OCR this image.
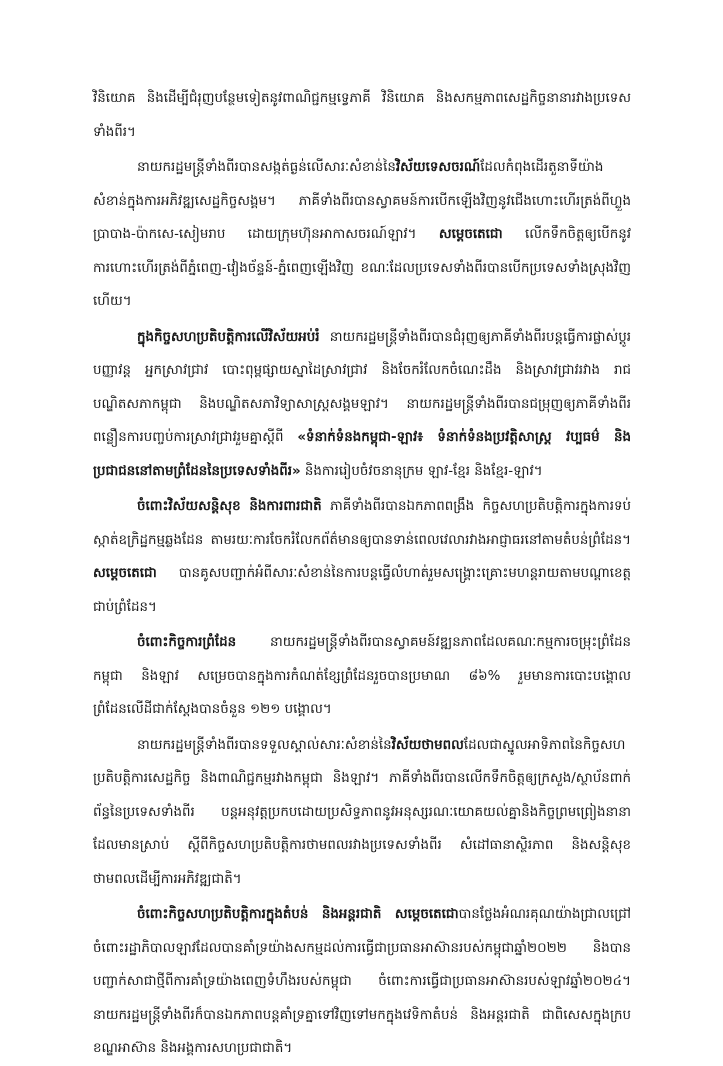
វិនិយោគ និងដើម្បីជំរុញបន្ថែមទៀតនូវពាណិជ្ជកម្មទ្វេភាគី វិនិយោគ និងសកម្មភាពសេដ្ឋកិច្ចនានារវាងប្រទេសទាំងពីរ។

នាយករដ្ឋមន្ត្រីទាំងពីរបានសង្កត់ធ្ងន់លើសារៈសំខាន់នៃវិស័យទេសចរណ៍ដែលកំពុងដើរតួនាទីយ៉ាងសំខាន់ក្នុងការអភិវឌ្ឍសេដ្ឋកិច្ចសង្គម។ ភាគីទាំងពីរបានស្វាគមន៍ការបើកឡើងវិញនូវជើងហោះហើរត្រង់ពីហ្លួងប្រាបាង-ប៉ាកសេ-សៀមរាប ដោយក្រុមហ៊ុនអាកាសចរណ៍ឡាវ។ សម្តេចតេជោ លើកទឹកចិត្តឲ្យបើកនូវការហោះហើរត្រង់ពីភ្នំពេញ-វៀងច័ន្ទន៍-ភ្នំពេញឡើងវិញ ខណៈដែលប្រទេសទាំងពីរបានបើកប្រទេសទាំងស្រុងវិញហើយ។

ក្នុងកិច្ចសហប្រតិបត្តិការលើវិស័យអប់រំ នាយករដ្ឋមន្ត្រីទាំងពីរបានជំរុញឲ្យភាគីទាំងពីរបន្តធ្វើការផ្លាស់ប្តូរបញ្ញាវន្ត អ្នកស្រាវជ្រាវ បោះពុម្ពផ្សាយស្នាដៃស្រាវជ្រាវ និងចែករំលែកចំណេះដឹង និងស្រាវជ្រាវរវាង រាជបណ្ឌិតសភាកម្ពុជា និងបណ្ឌិតសភាវិទ្យាសាស្ត្រសង្គមឡាវ។ នាយករដ្ឋមន្ត្រីទាំងពីរបានជម្រុញឲ្យភាគីទាំងពីរពន្លឿនការបញ្ចប់ការស្រាវជ្រាវរួមគ្នាស្តីពី «ទំនាក់ទំនងកម្ពុជា-ឡាវ៖ ទំនាក់ទំនងប្រវត្តិសាស្ត្រ វប្បធម៌ និងប្រជាជននៅតាមព្រំដែននៃប្រទេសទាំងពីរ» និងការរៀបចំវចនានុក្រម ឡាវ-ខ្មែរ និងខ្មែរ-ឡាវ។

ចំពោះវិស័យសន្តិសុខ និងការពារជាតិ ភាគីទាំងពីរបានឯកភាពពង្រឹង កិច្ចសហប្រតិបត្តិការក្នុងការទប់ស្កាត់ឧក្រិដ្ឋកម្មឆ្លងដែន តាមរយៈការចែករំលែកព័ត៌មានឲ្យបានទាន់ពេលវេលារវាងអាជ្ញាធរនៅតាមតំបន់ព្រំដែន។ សម្តេចតេជោ បានគូសបញ្ជាក់អំពីសារៈសំខាន់នៃការបន្តធ្វើលំហាត់រួមសង្គ្រោះគ្រោះមហន្តរាយតាមបណ្តាខេត្តជាប់ព្រំដែន។

ចំពោះកិច្ចការព្រំដែន នាយករដ្ឋមន្ត្រីទាំងពីរបានស្វាគមន៍វឌ្ឍនភាពដែលគណៈកម្មការចម្រុះព្រំដែនកម្ពុជា និងឡាវ សម្រេចបានក្នុងការកំណត់ខ្សែព្រំដែនរួចបានប្រមាណ ៨៦% រួមមានការបោះបង្គោលព្រំដែនលើដីជាក់ស្តែងបានចំនួន ១២១ បង្គោល។

នាយករដ្ឋមន្ត្រីទាំងពីរបានទទួលស្គាល់សារៈសំខាន់នៃវិស័យថាមពលដែលជាស្នូលអាទិភាពនៃកិច្ចសហប្រតិបត្តិការសេដ្ឋកិច្ច និងពាណិជ្ជកម្មរវាងកម្ពុជា និងឡាវ។ ភាគីទាំងពីរបានលើកទឹកចិត្តឲ្យក្រសួង/ស្ថាប័នពាក់ព័ន្ធនៃប្រទេសទាំងពីរ បន្តអនុវត្តប្រកបដោយប្រសិទ្ធភាពនូវអនុស្សរណៈយោគយល់គ្នានិងកិច្ចព្រមព្រៀងនានាដែលមានស្រាប់ ស្តីពីកិច្ចសហប្រតិបត្តិការថាមពលរវាងប្រទេសទាំងពីរ សំដៅធានាស្ថិរភាព និងសន្តិសុខថាមពលដើម្បីការអភិវឌ្ឍជាតិ។

ចំពោះកិច្ចសហប្រតិបត្តិការក្នុងតំបន់ និងអន្តរជាតិ សម្តេចតេជោបានថ្លែងអំណរគុណយ៉ាងជ្រាលជ្រៅចំពោះរដ្ឋាភិបាលឡាវដែលបានគាំទ្រយ៉ាងសកម្មដល់ការធ្វើជាប្រធានអាស៊ានរបស់កម្ពុជាឆ្នាំ២០២២ និងបានបញ្ជាក់សាជាថ្មីពីការគាំទ្រយ៉ាងពេញទំហឹងរបស់កម្ពុជា ចំពោះការធ្វើជាប្រធានអាស៊ានរបស់ឡាវឆ្នាំ២០២៤។ នាយករដ្ឋមន្ត្រីទាំងពីរក៏បានឯកភាពបន្តគាំទ្រគ្នាទៅវិញទៅមកក្នុងវេទិកាតំបន់ និងអន្តរជាតិ ជាពិសេសក្នុងក្របខណ្ឌអាស៊ាន និងអង្គការសហប្រជាជាតិ។
